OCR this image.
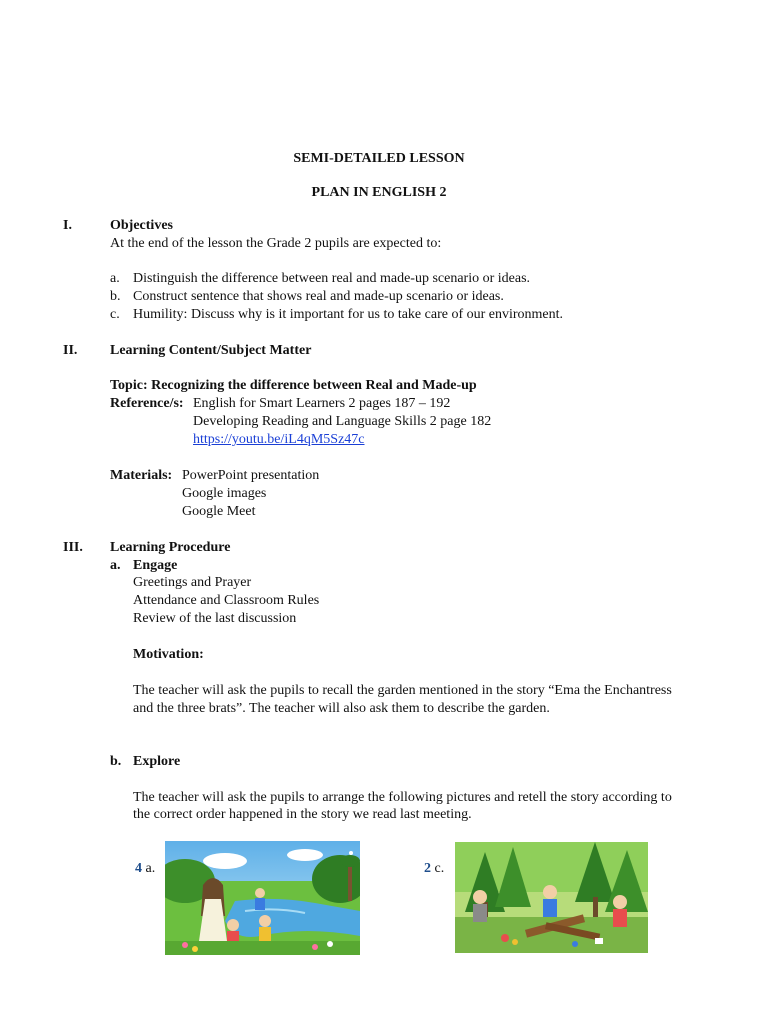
SEMI-DETAILED LESSON
PLAN IN ENGLISH 2
I.	Objectives
At the end of the lesson the Grade 2 pupils are expected to:
a. Distinguish the difference between real and made-up scenario or ideas.
b. Construct sentence that shows real and made-up scenario or ideas.
c. Humility: Discuss why is it important for us to take care of our environment.
II. Learning Content/Subject Matter
Topic: Recognizing the difference between Real and Made-up
Reference/s: English for Smart Learners 2 pages 187 – 192
Developing Reading and Language Skills 2 page 182
https://youtu.be/iL4qM5Sz47c
Materials: PowerPoint presentation
Google images
Google Meet
III. Learning Procedure
a. Engage
Greetings and Prayer
Attendance and Classroom Rules
Review of the last discussion
Motivation:
The teacher will ask the pupils to recall the garden mentioned in the story “Ema the Enchantress
and the three brats”. The teacher will also ask them to describe the garden.
b. Explore
The teacher will ask the pupils to arrange the following pictures and retell the story according to
the correct order happened in the story we read last meeting.
4 a.	2 c.
